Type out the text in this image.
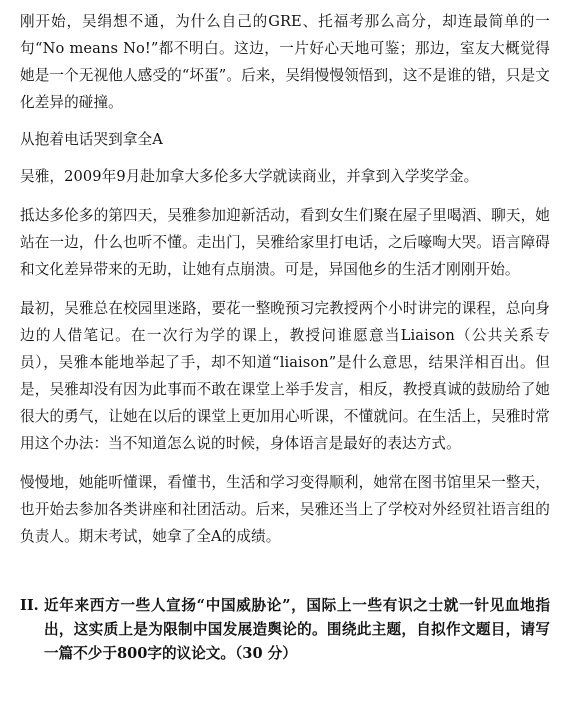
刚开始，吴绢想不通，为什么自己的GRE、托福考那么高分，却连最简单的一句“No means No!”都不明白。这边，一片好心天地可鉴；那边，室友大概觉得她是一个无视他人感受的“坏蛋”。后来，吴绢慢慢领悟到，这不是谁的错，只是文化差异的碰撞。

从抱着电话哭到拿全A

吴雅，2009年9月赴加拿大多伦多大学就读商业，并拿到入学奖学金。

抵达多伦多的第四天，吴雅参加迎新活动，看到女生们聚在屋子里喝酒、聊天，她站在一边，什么也听不懂。走出门，吴雅给家里打电话，之后嚎啕大哭。语言障碍和文化差异带来的无助，让她有点崩溃。可是，异国他乡的生活才刚刚开始。

最初，吴雅总在校园里迷路，要花一整晚预习完教授两个小时讲完的课程，总向身边的人借笔记。在一次行为学的课上，教授问谁愿意当Liaison（公共关系专员），吴雅本能地举起了手，却不知道“liaison”是什么意思，结果洋相百出。但是，吴雅却没有因为此事而不敢在课堂上举手发言，相反，教授真诚的鼓励给了她很大的勇气，让她在以后的课堂上更加用心听课，不懂就问。在生活上，吴雅时常用这个办法：当不知道怎么说的时候，身体语言是最好的表达方式。

慢慢地，她能听懂课，看懂书，生活和学习变得顺利，她常在图书馆里呆一整天，也开始去参加各类讲座和社团活动。后来，吴雅还当上了学校对外经贸社语言组的负责人。期末考试，她拿了全A的成绩。

II. 近年来西方一些人宣扬“中国威胁论”，国际上一些有识之士就一针见血地指出，这实质上是为限制中国发展造舆论的。围绕此主题，自拟作文题目，请写一篇不少于800字的议论文。（30 分）
